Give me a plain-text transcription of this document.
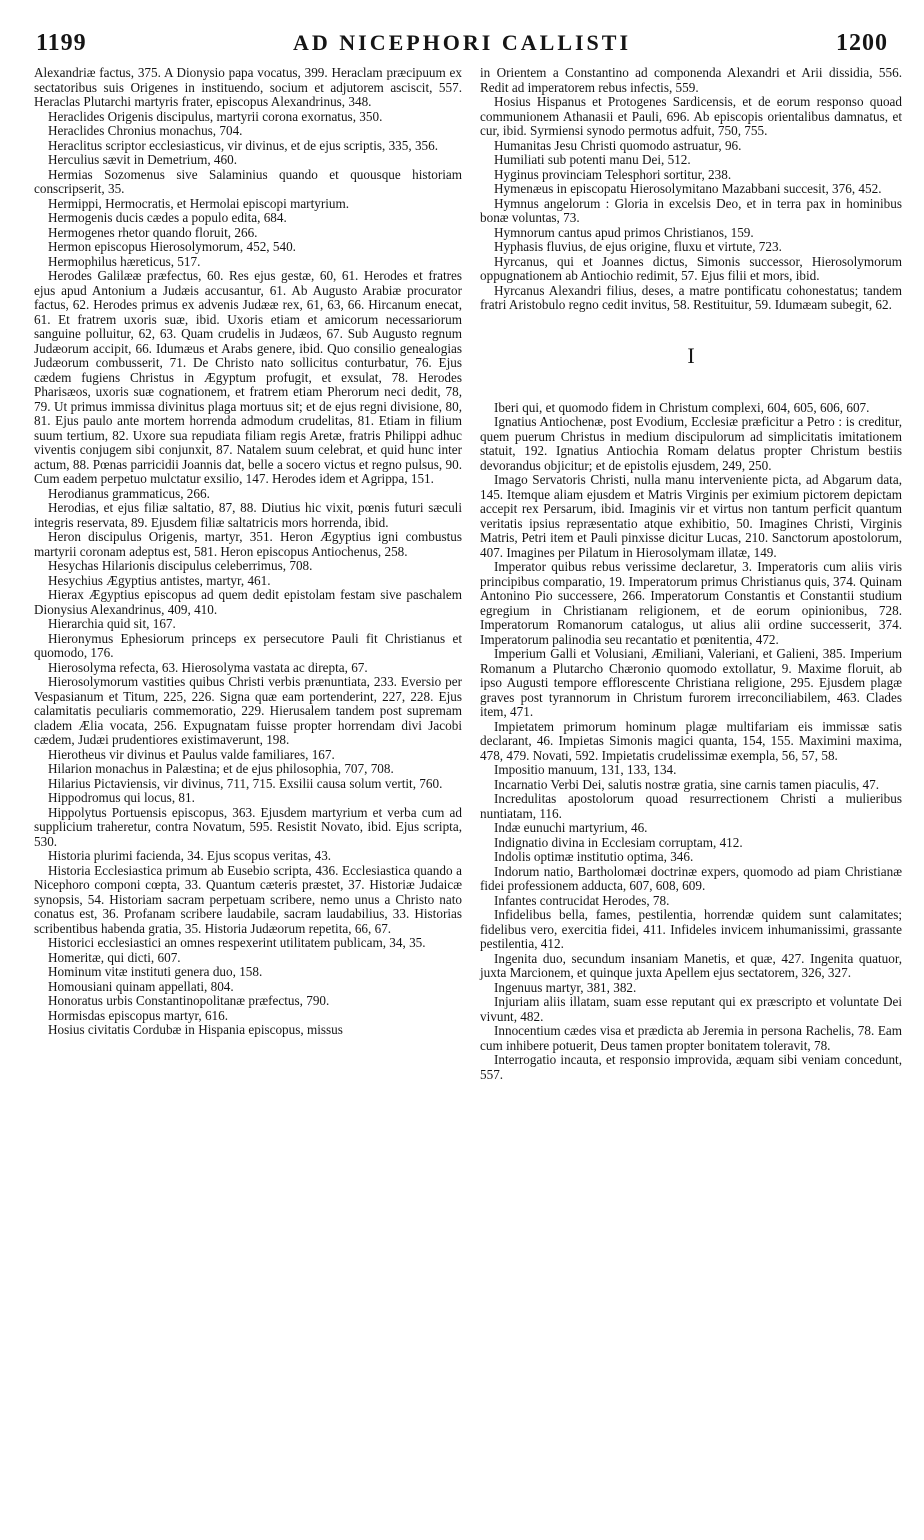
1199	AD NICEPHORI CALLISTI	1200

Alexandriæ factus, 375. A Dionysio papa vocatus, 399. Heraclam præcipuum ex sectatoribus suis Origenes in instituendo, socium et adjutorem asciscit, 557. Heraclas Plutarchi martyris frater, episcopus Alexandrinus, 348.

Heraclides Origenis discipulus, martyrii corona exornatus, 350.

Heraclides Chronius monachus, 704.

Heraclitus scriptor ecclesiasticus, vir divinus, et de ejus scriptis, 335, 356.

Herculius sævit in Demetrium, 460.

Hermias Sozomenus sive Salaminius quando et quousque historiam conscripserit, 35.

Hermippi, Hermocratis, et Hermolai episcopi martyrium.

Hermogenis ducis cædes a populo edita, 684.

Hermogenes rhetor quando floruit, 266.

Hermon episcopus Hierosolymorum, 452, 540.

Hermophilus hæreticus, 517.

Herodes Galilææ præfectus, 60. Res ejus gestæ, 60, 61. Herodes et fratres ejus apud Antonium a Judæis accusantur, 61. Ab Augusto Arabiæ procurator factus, 62. Herodes primus ex advenis Judææ rex, 61, 63, 66. Hircanum enecat, 61. Et fratrem uxoris suæ, ibid. Uxoris etiam et amicorum necessariorum sanguine polluitur, 62, 63. Quam crudelis in Judæos, 67. Sub Augusto regnum Judæorum accipit, 66. Idumæus et Arabs genere, ibid. Quo consilio genealogias Judæorum combusserit, 71. De Christo nato sollicitus conturbatur, 76. Ejus cædem fugiens Christus in Ægyptum profugit, et exsulat, 78. Herodes Pharisæos, uxoris suæ cognationem, et fratrem etiam Pherorum neci dedit, 78, 79. Ut primus immissa divinitus plaga mortuus sit; et de ejus regni divisione, 80, 81. Ejus paulo ante mortem horrenda admodum crudelitas, 81. Etiam in filium suum tertium, 82. Uxore sua repudiata filiam regis Aretæ, fratris Philippi adhuc viventis conjugem sibi conjunxit, 87. Natalem suum celebrat, et quid hunc inter actum, 88. Pœnas parricidii Joannis dat, belle a socero victus et regno pulsus, 90. Cum eadem perpetuo mulctatur exsilio, 147. Herodes idem et Agrippa, 151.

Herodianus grammaticus, 266.

Herodias, et ejus filiæ saltatio, 87, 88. Diutius hic vixit, pœnis futuri sæculi integris reservata, 89. Ejusdem filiæ saltatricis mors horrenda, ibid.

Heron discipulus Origenis, martyr, 351. Heron Ægyptius igni combustus martyrii coronam adeptus est, 581. Heron episcopus Antiochenus, 258.

Hesychas Hilarionis discipulus celeberrimus, 708.

Hesychius Ægyptius antistes, martyr, 461.

Hierax Ægyptius episcopus ad quem dedit epistolam festam sive paschalem Dionysius Alexandrinus, 409, 410.

Hierarchia quid sit, 167.

Hieronymus Ephesiorum princeps ex persecutore Pauli fit Christianus et quomodo, 176.

Hierosolyma refecta, 63. Hierosolyma vastata ac direpta, 67.

Hierosolymorum vastities quibus Christi verbis prænuntiata, 233. Eversio per Vespasianum et Titum, 225, 226. Signa quæ eam portenderint, 227, 228. Ejus calamitatis peculiaris commemoratio, 229. Hierusalem tandem post supremam cladem Ælia vocata, 256. Expugnatam fuisse propter horrendam divi Jacobi cædem, Judæi prudentiores existimaverunt, 198.

Hierotheus vir divinus et Paulus valde familiares, 167.

Hilarion monachus in Palæstina; et de ejus philosophia, 707, 708.

Hilarius Pictaviensis, vir divinus, 711, 715. Exsilii causa solum vertit, 760.

Hippodromus qui locus, 81.

Hippolytus Portuensis episcopus, 363. Ejusdem martyrium et verba cum ad supplicium traheretur, contra Novatum, 595. Resistit Novato, ibid. Ejus scripta, 530.

Historia plurimi facienda, 34. Ejus scopus veritas, 43.

Historia Ecclesiastica primum ab Eusebio scripta, 436. Ecclesiastica quando a Nicephoro componi cœpta, 33. Quantum cæteris præstet, 37. Historiæ Judaicæ synopsis, 54. Historiam sacram perpetuam scribere, nemo unus a Christo nato conatus est, 36. Profanam scribere laudabile, sacram laudabilius, 33. Historias scribentibus habenda gratia, 35. Historia Judæorum repetita, 66, 67.

Historici ecclesiastici an omnes respexerint utilitatem publicam, 34, 35.

Homeritæ, qui dicti, 607.

Hominum vitæ instituti genera duo, 158.

Homousiani quinam appellati, 804.

Honoratus urbis Constantinopolitanæ præfectus, 790.

Hormisdas episcopus martyr, 616.

Hosius civitatis Cordubæ in Hispania episcopus, missus

in Orientem a Constantino ad componenda Alexandri et Arii dissidia, 556. Redit ad imperatorem rebus infectis, 559.

Hosius Hispanus et Protogenes Sardicensis, et de eorum responso quoad communionem Athanasii et Pauli, 696. Ab episcopis orientalibus damnatus, et cur, ibid. Syrmiensi synodo permotus adfuit, 750, 755.

Humanitas Jesu Christi quomodo astruatur, 96.

Humiliati sub potenti manu Dei, 512.

Hyginus provinciam Telesphori sortitur, 238.

Hymenæus in episcopatu Hierosolymitano Mazabbani succesit, 376, 452.

Hymnus angelorum : Gloria in excelsis Deo, et in terra pax in hominibus bonæ voluntas, 73.

Hymnorum cantus apud primos Christianos, 159.

Hyphasis fluvius, de ejus origine, fluxu et virtute, 723.

Hyrcanus, qui et Joannes dictus, Simonis successor, Hierosolymorum oppugnationem ab Antiochio redimit, 57. Ejus filii et mors, ibid.

Hyrcanus Alexandri filius, deses, a matre pontificatu cohonestatus; tandem fratri Aristobulo regno cedit invitus, 58. Restituitur, 59. Idumæam subegit, 62.

I

Iberi qui, et quomodo fidem in Christum complexi, 604, 605, 606, 607.

Ignatius Antiochenæ, post Evodium, Ecclesiæ præficitur a Petro : is creditur, quem puerum Christus in medium discipulorum ad simplicitatis imitationem statuit, 192. Ignatius Antiochia Romam delatus propter Christum bestiis devorandus objicitur; et de epistolis ejusdem, 249, 250.

Imago Servatoris Christi, nulla manu interveniente picta, ad Abgarum data, 145. Itemque aliam ejusdem et Matris Virginis per eximium pictorem depictam accepit rex Persarum, ibid. Imaginis vir et virtus non tantum perficit quantum veritatis ipsius repræsentatio atque exhibitio, 50. Imagines Christi, Virginis Matris, Petri item et Pauli pinxisse dicitur Lucas, 210. Sanctorum apostolorum, 407. Imagines per Pilatum in Hierosolymam illatæ, 149.

Imperator quibus rebus verissime declaretur, 3. Imperatoris cum aliis viris principibus comparatio, 19. Imperatorum primus Christianus quis, 374. Quinam Antonino Pio successere, 266. Imperatorum Constantis et Constantii studium egregium in Christianam religionem, et de eorum opinionibus, 728. Imperatorum Romanorum catalogus, ut alius alii ordine successerit, 374. Imperatorum palinodia seu recantatio et pœnitentia, 472.

Imperium Galli et Volusiani, Æmiliani, Valeriani, et Galieni, 385. Imperium Romanum a Plutarcho Chæronio quomodo extollatur, 9. Maxime floruit, ab ipso Augusti tempore efflorescente Christiana religione, 295. Ejusdem plagæ graves post tyrannorum in Christum furorem irreconciliabilem, 463. Clades item, 471.

Impietatem primorum hominum plagæ multifariam eis immissæ satis declarant, 46. Impietas Simonis magici quanta, 154, 155. Maximini maxima, 478, 479. Novati, 592. Impietatis crudelissimæ exempla, 56, 57, 58.

Impositio manuum, 131, 133, 134.

Incarnatio Verbi Dei, salutis nostræ gratia, sine carnis tamen piaculis, 47.

Incredulitas apostolorum quoad resurrectionem Christi a mulieribus nuntiatam, 116.

Indæ eunuchi martyrium, 46.

Indignatio divina in Ecclesiam corruptam, 412.

Indolis optimæ institutio optima, 346.

Indorum natio, Bartholomæi doctrinæ expers, quomodo ad piam Christianæ fidei professionem adducta, 607, 608, 609.

Infantes contrucidat Herodes, 78.

Infidelibus bella, fames, pestilentia, horrendæ quidem sunt calamitates; fidelibus vero, exercitia fidei, 411. Infideles invicem inhumanissimi, grassante pestilentia, 412.

Ingenita duo, secundum insaniam Manetis, et quæ, 427. Ingenita quatuor, juxta Marcionem, et quinque juxta Apellem ejus sectatorem, 326, 327.

Ingenuus martyr, 381, 382.

Injuriam aliis illatam, suam esse reputant qui ex præscripto et voluntate Dei vivunt, 482.

Innocentium cædes visa et prædicta ab Jeremia in persona Rachelis, 78. Eam cum inhibere potuerit, Deus tamen propter bonitatem toleravit, 78.

Interrogatio incauta, et responsio improvida, æquam sibi veniam concedunt, 557.
